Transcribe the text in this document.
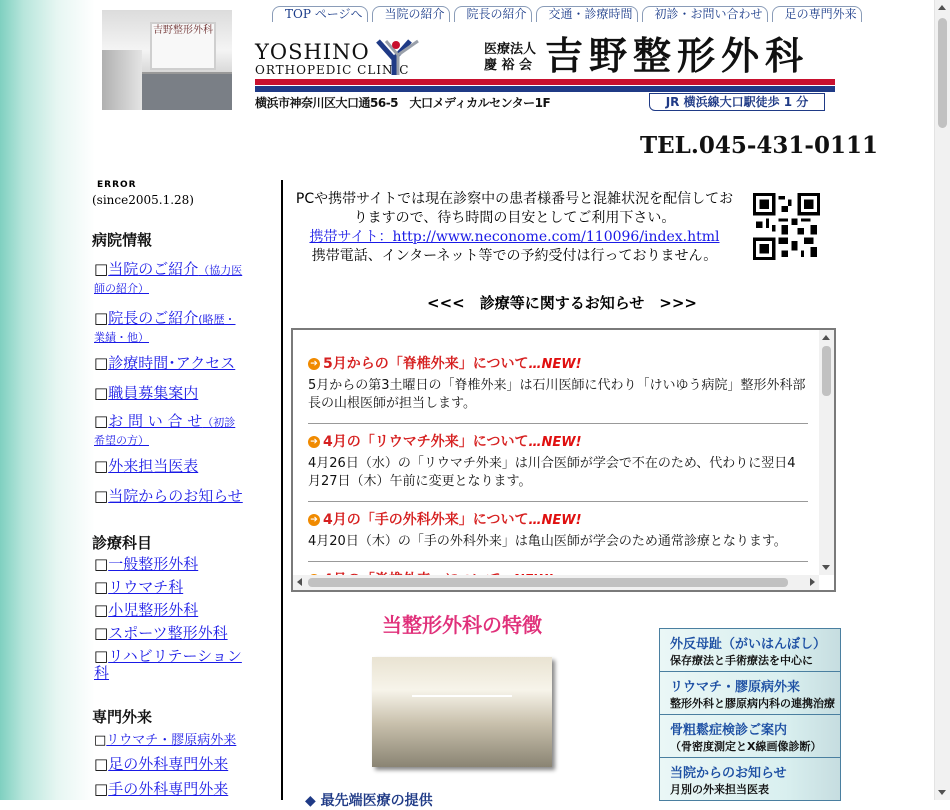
吉野整形外科
TOP ページへ	当院の紹介	院長の紹介	交通・診療時間	初診・お問い合わせ	足の専門外来
YOSHINO
ORTHOPEDIC CLINIC
医療法人
慶 裕 会 吉野整形外科
横浜市神奈川区大口通56-5　大口メディカルセンター1F	JR 横浜線大口駅徒歩 1 分
TEL.045-431-0111
ERROR
(since2005.1.28)
病院情報
□当院のご紹介（協力医師の紹介）
□院長のご紹介(略歴・業績・他）
□診療時間･アクセス
□職員募集案内
□お 問 い 合 せ（初診希望の方）
□外来担当医表
□当院からのお知らせ
診療科目
□一般整形外科
□リウマチ科
□小児整形外科
□スポーツ整形外科
□リハビリテーション科
専門外来
□リウマチ・膠原病外来
□足の外科専門外来
□手の外科専門外来
PCや携帯サイトでは現在診察中の患者様番号と混雑状況を配信しておりますので、待ち時間の目安としてご利用下さい。
携帯サイト：http://www.neconome.com/110096/index.html
携帯電話、インターネット等での予約受付は行っておりません。
<<<　診療等に関するお知らせ　>>>
➔ 5月からの「脊椎外来」について…NEW!
5月からの第3土曜日の「脊椎外来」は石川医師に代わり「けいゆう病院」整形外科部長の山根医師が担当します。
➔ 4月の「リウマチ外来」について…NEW!
4月26日（水）の「リウマチ外来」は川合医師が学会で不在のため、代わりに翌日4月27日（木）午前に変更となります。
➔ 4月の「手の外科外来」について…NEW!
4月20日（木）の「手の外科外来」は亀山医師が学会のため通常診療となります。
当整形外科の特徴
◆ 最先端医療の提供
外反母趾（がいはんぼし）
保存療法と手術療法を中心に
リウマチ・膠原病外来
整形外科と膠原病内科の連携治療
骨粗鬆症検診ご案内
（骨密度測定とX線画像診断）
当院からのお知らせ
月別の外来担当医表
